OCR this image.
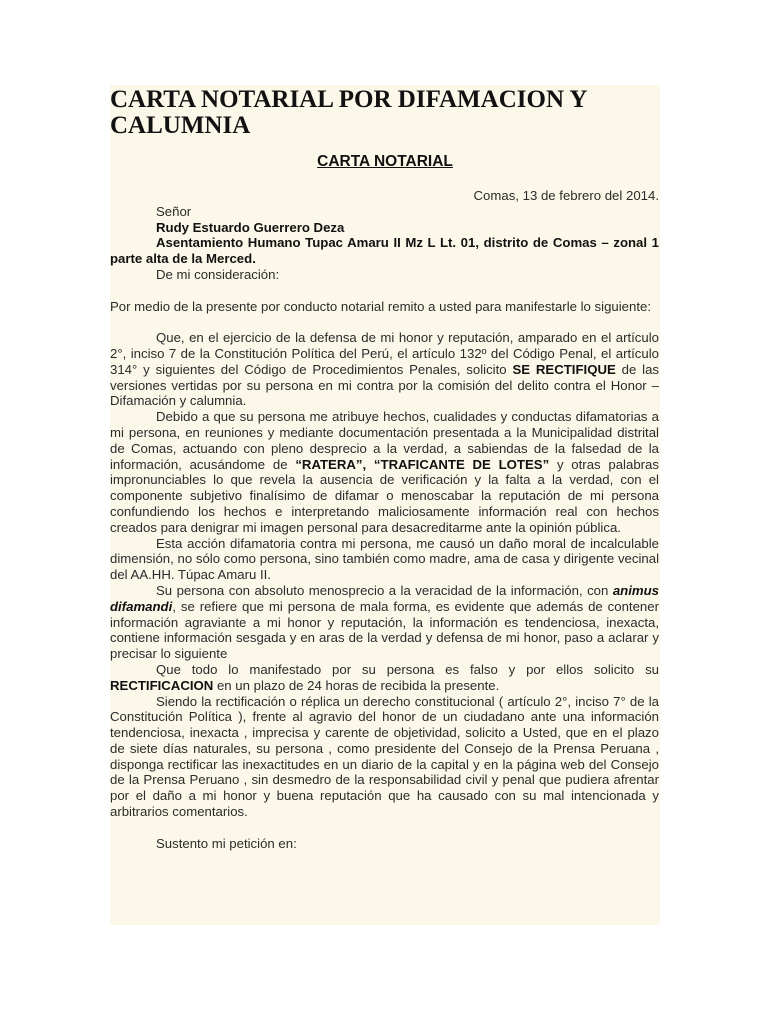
CARTA NOTARIAL POR DIFAMACION Y CALUMNIA
CARTA NOTARIAL

Comas, 13 de febrero del 2014.

Señor

Rudy Estuardo Guerrero Deza

Asentamiento Humano Tupac Amaru II Mz L Lt. 01, distrito de Comas – zonal 1 parte alta de la Merced.

De mi consideración:

Por medio de la presente por conducto notarial remito a usted para manifestarle lo siguiente:

Que, en el ejercicio de la defensa de mi honor y reputación, amparado en el artículo 2°, inciso 7 de la Constitución Política del Perú, el artículo 132º del Código Penal, el artículo 314° y siguientes del Código de Procedimientos Penales, solicito SE RECTIFIQUE de las versiones vertidas por su persona en mi contra por la comisión del delito contra el Honor –Difamación y calumnia.

Debido a que su persona me atribuye hechos, cualidades y conductas difamatorias a mi persona, en reuniones y mediante documentación presentada a la Municipalidad distrital de Comas, actuando con pleno desprecio a la verdad, a sabiendas de la falsedad de la información, acusándome de “RATERA”, “TRAFICANTE DE LOTES” y otras palabras impronunciables lo que revela la ausencia de verificación y la falta a la verdad, con el componente subjetivo finalísimo de difamar o menoscabar la reputación de mi persona confundiendo los hechos e interpretando maliciosamente información real con hechos creados para denigrar mi imagen personal para desacreditarme ante la opinión pública.

Esta acción difamatoria contra mi persona, me causó un daño moral de incalculable dimensión, no sólo como persona, sino también como madre, ama de casa y dirigente vecinal del AA.HH. Túpac Amaru II.

Su persona con absoluto menosprecio a la veracidad de la información, con animus difamandi, se refiere que mi persona de mala forma, es evidente que además de contener información agraviante a mi honor y reputación, la información es tendenciosa, inexacta, contiene información sesgada y en aras de la verdad y defensa de mi honor, paso a aclarar y precisar lo siguiente

Que todo lo manifestado por su persona es falso y por ellos solicito su RECTIFICACION en un plazo de 24 horas de recibida la presente.

Siendo la rectificación o réplica un derecho constitucional ( artículo 2°, inciso 7° de la Constitución Política ), frente al agravio del honor de un ciudadano ante una información tendenciosa, inexacta , imprecisa y carente de objetividad, solicito a Usted, que en el plazo de siete días naturales, su persona , como presidente del Consejo de la Prensa Peruana , disponga rectificar las inexactitudes en un diario de la capital y en la página web del Consejo de la Prensa Peruano , sin desmedro de la responsabilidad civil y penal que pudiera afrentar por el daño a mi honor y buena reputación que ha causado con su mal intencionada y arbitrarios comentarios.

Sustento mi petición en:
